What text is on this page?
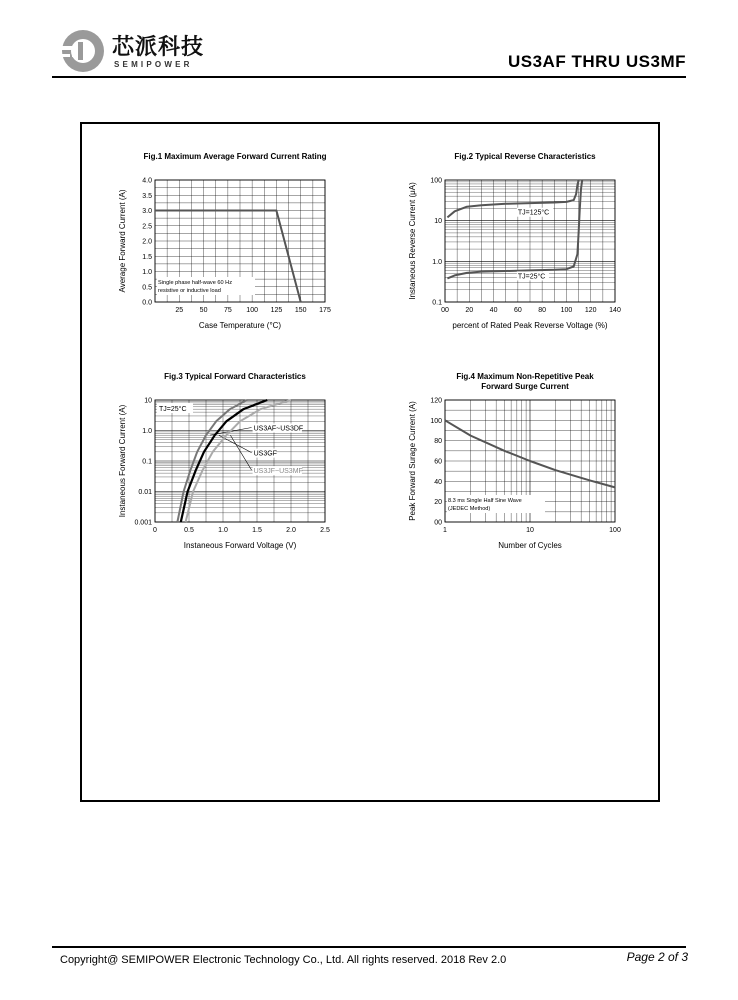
芯派科技
SEMIPOWER	US3AF THRU US3MF
Fig.1 Maximum Average Forward Current Rating	Fig.2 Typical Reverse Characteristics
Fig.3 Typical Forward Characteristics	Fig.4 Maximum Non-Repetitive Peak
Forward Surge Current
25 50 75 100 125 150 175
0.0
0.5
1.0
1.5
2.0
2.5
3.0
3.5
4.0
Case Temperature (°C)
Average Forward Current (A)	Single phase half-wave 60 Hz
resistive or inductive load
00 20 40 60 80 100 120 140
0.1
1.0
10
100
percent of Rated Peak Reverse Voltage (%)
Instaneous Reverse Current (μA)	TJ=125°C
TJ=25°C
0	0.5	1.0	1.5	2.0	2.5
0.001
0.01
0.1
1.0
10
Instaneous Forward Voltage (V)
Instaneous Forward Current (A)	US3AF~US3DF
US3GF
US3JF~US3MF
TJ=25°C
1	10	100
00
20
40
60
80
100
120
Number of Cycles
Peak Forward Surage Current (A)	8.3 ms Single Half Sine Wave
(JEDEC Method)
Copyright@ SEMIPOWER Electronic Technology Co., Ltd. All rights reserved. 2018 Rev 2.0	Page 2 of 3
